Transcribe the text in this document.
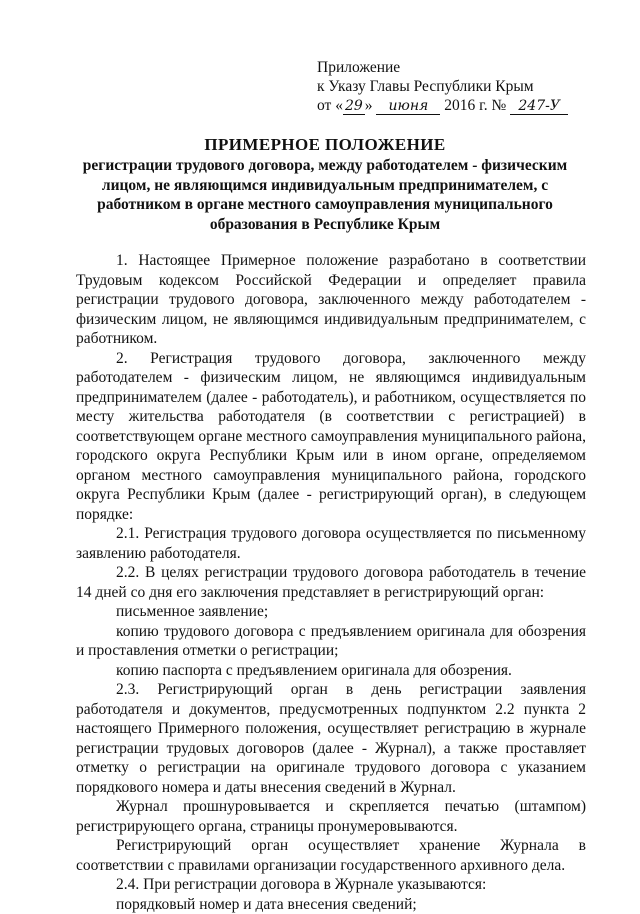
Приложение
к Указу Главы Республики Крым
от « 29 » июня 2016 г. № 247-У
ПРИМЕРНОЕ ПОЛОЖЕНИЕ
регистрации трудового договора, между работодателем - физическим лицом, не являющимся индивидуальным предпринимателем, с работником в органе местного самоуправления муниципального образования в Республике Крым

1. Настоящее Примерное положение разработано в соответствии Трудовым кодексом Российской Федерации и определяет правила регистрации трудового договора, заключенного между работодателем - физическим лицом, не являющимся индивидуальным предпринимателем, с работником.

2. Регистрация трудового договора, заключенного между работодателем - физическим лицом, не являющимся индивидуальным предпринимателем (далее - работодатель), и работником, осуществляется по месту жительства работодателя (в соответствии с регистрацией) в соответствующем органе местного самоуправления муниципального района, городского округа Республики Крым или в ином органе, определяемом органом местного самоуправления муниципального района, городского округа Республики Крым (далее - регистрирующий орган), в следующем порядке:

2.1. Регистрация трудового договора осуществляется по письменному заявлению работодателя.

2.2. В целях регистрации трудового договора работодатель в течение 14 дней со дня его заключения представляет в регистрирующий орган:

письменное заявление;

копию трудового договора с предъявлением оригинала для обозрения и проставления отметки о регистрации;

копию паспорта с предъявлением оригинала для обозрения.

2.3. Регистрирующий орган в день регистрации заявления работодателя и документов, предусмотренных подпунктом 2.2 пункта 2 настоящего Примерного положения, осуществляет регистрацию в журнале регистрации трудовых договоров (далее - Журнал), а также проставляет отметку о регистрации на оригинале трудового договора с указанием порядкового номера и даты внесения сведений в Журнал.

Журнал прошнуровывается и скрепляется печатью (штампом) регистрирующего органа, страницы пронумеровываются.

Регистрирующий орган осуществляет хранение Журнала в соответствии с правилами организации государственного архивного дела.

2.4. При регистрации договора в Журнале указываются:

порядковый номер и дата внесения сведений;
